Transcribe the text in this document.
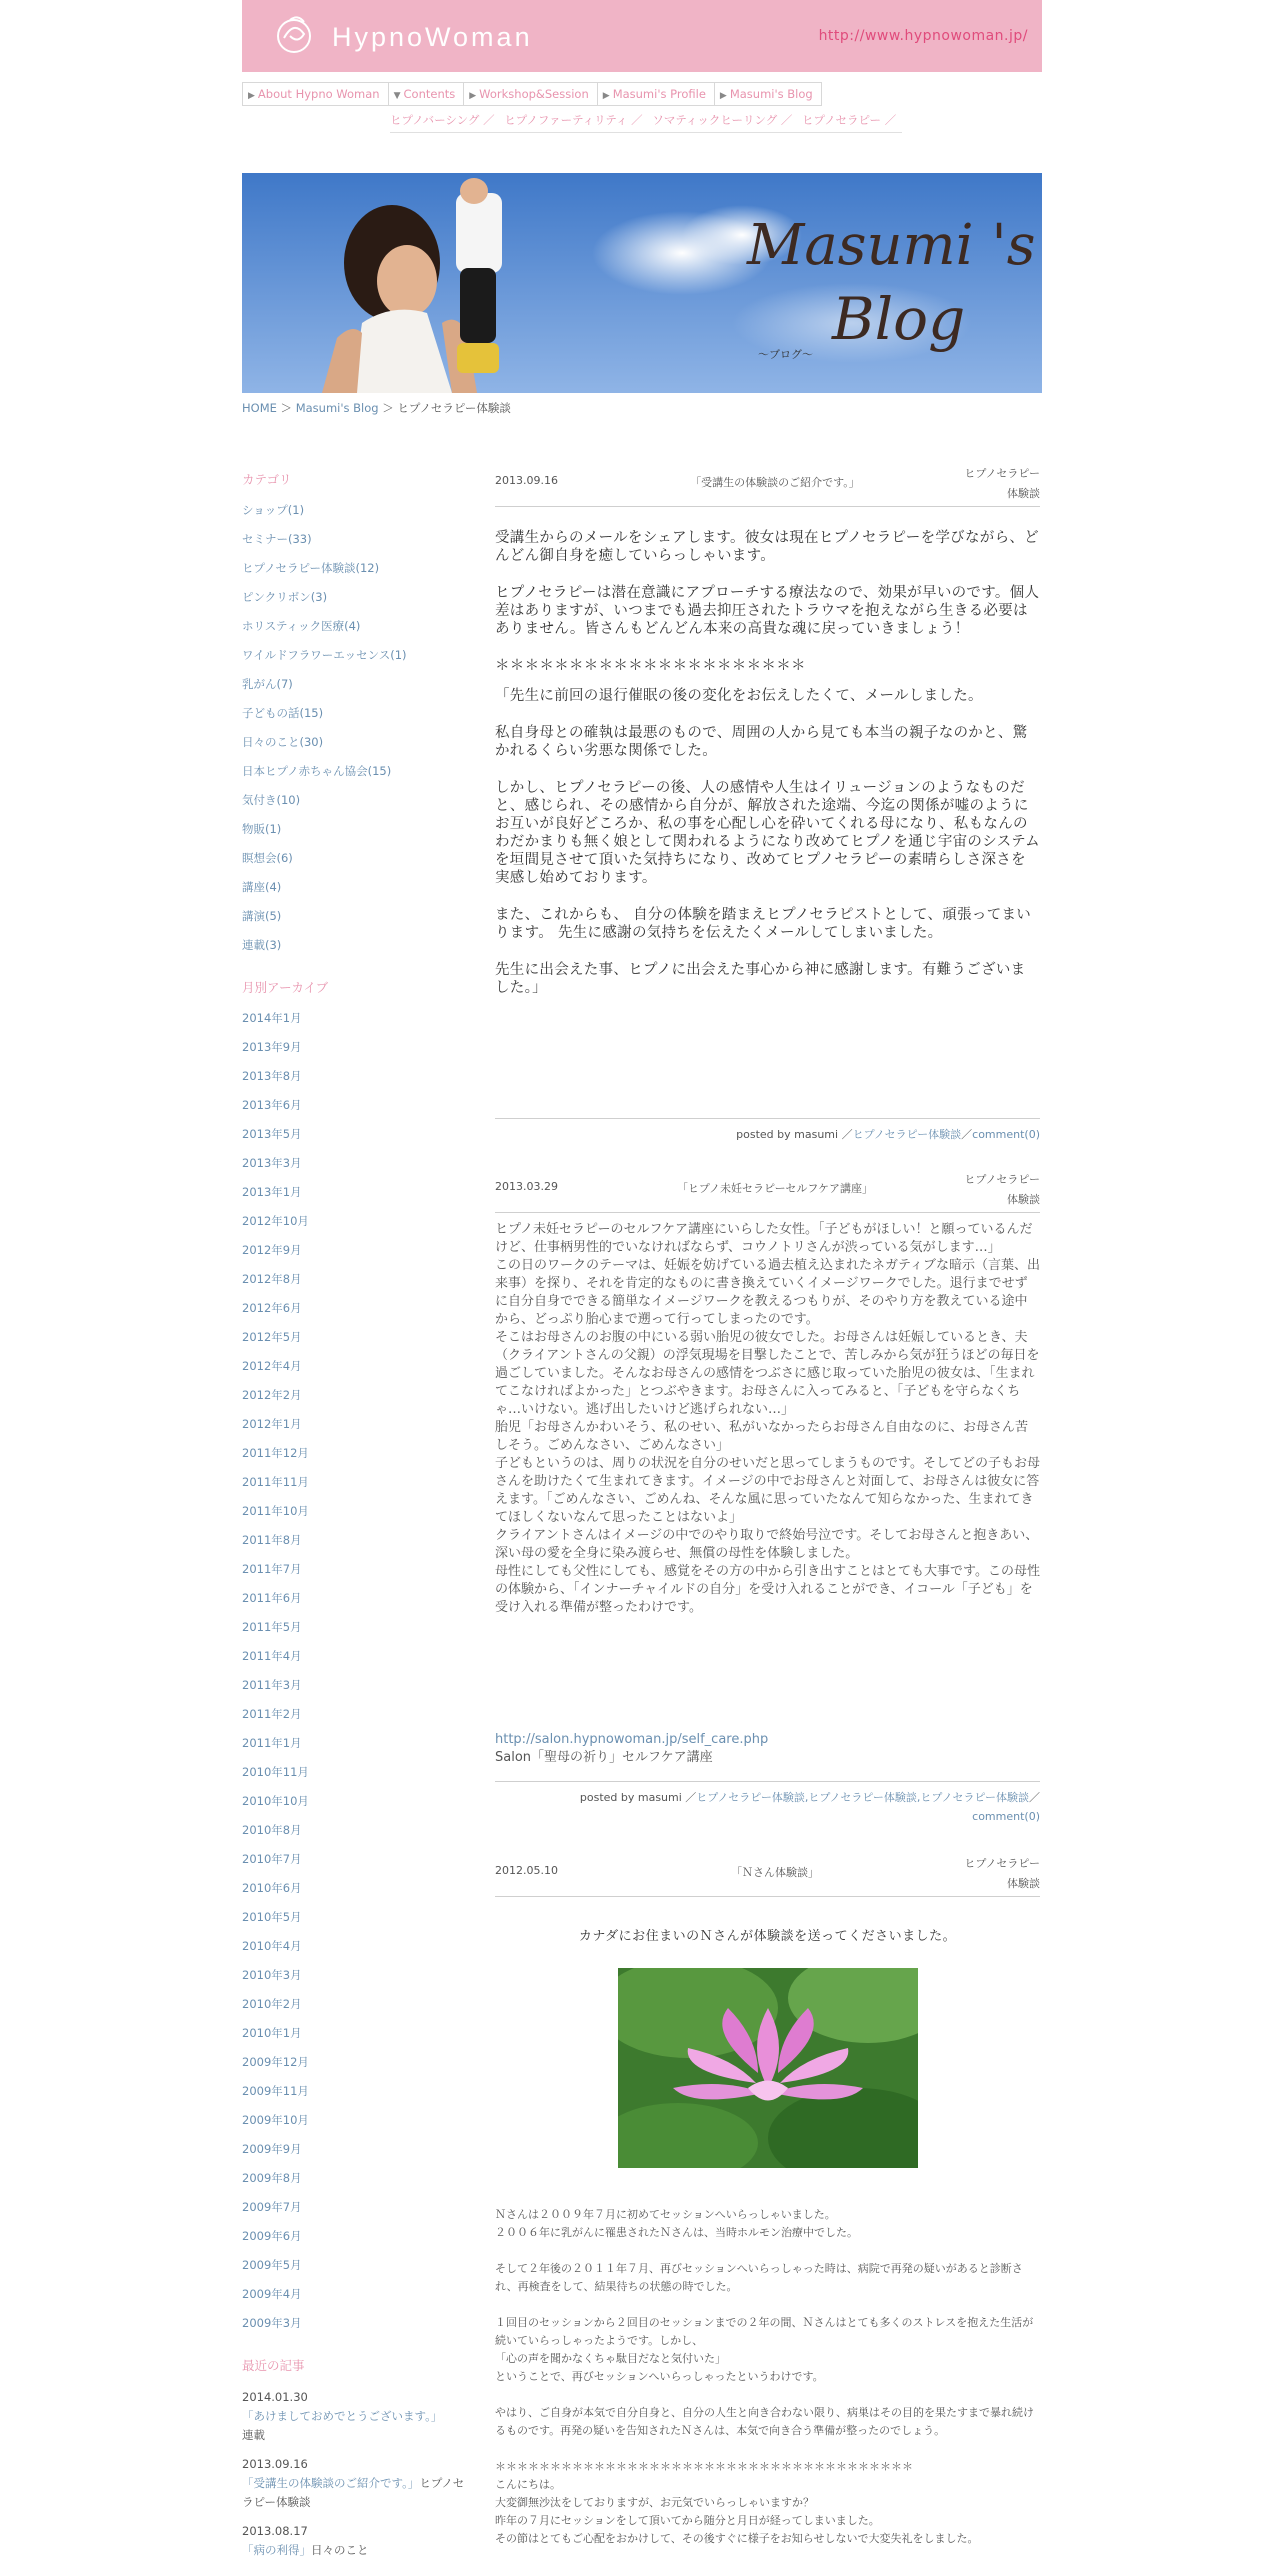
HypnoWoman	http://www.hypnowoman.jp/
▶ About Hypno Woman	▼ Contents	▶ Workshop&Session	▶ Masumi's Profile	▶ Masumi's Blog
ヒプノバーシング ／ ヒプノファーティリティ ／ ソマティックヒーリング ／ ヒプノセラピー ／
Masumi 's
Blog
～ブログ～
HOME ＞ Masumi's Blog ＞ ヒプノセラピー体験談
カテゴリ
ショップ(1)
セミナー(33)
ヒプノセラピー体験談(12)
ピンクリボン(3)
ホリスティック医療(4)
ワイルドフラワーエッセンス(1)
乳がん(7)
子どもの話(15)
日々のこと(30)
日本ヒプノ赤ちゃん協会(15)
気付き(10)
物販(1)
瞑想会(6)
講座(4)
講演(5)
連載(3)
月別アーカイブ
2014年1月
2013年9月
2013年8月
2013年6月
2013年5月
2013年3月
2013年1月
2012年10月
2012年9月
2012年8月
2012年6月
2012年5月
2012年4月
2012年2月
2012年1月
2011年12月
2011年11月
2011年10月
2011年8月
2011年7月
2011年6月
2011年5月
2011年4月
2011年3月
2011年2月
2011年1月
2010年11月
2010年10月
2010年8月
2010年7月
2010年6月
2010年5月
2010年4月
2010年3月
2010年2月
2010年1月
2009年12月
2009年11月
2009年10月
2009年9月
2009年8月
2009年7月
2009年6月
2009年5月
2009年4月
2009年3月
最近の記事
2014.01.30
「あけましておめでとうございます。」
連載
2013.09.16
「受講生の体験談のご紹介です。」ヒプノセラピー体験談
2013.08.17
「病の利得」日々のこと
2013.09.16	「受講生の体験談のご紹介です。」
ヒプノセラピー
体験談

受講生からのメールをシェアします。彼女は現在ヒプノセラピーを学びながら、どんどん御自身を癒していらっしゃいます。

ヒプノセラピーは潜在意識にアプローチする療法なので、効果が早いのです。個人差はありますが、いつまでも過去抑圧されたトラウマを抱えながら生きる必要はありません。皆さんもどんどん本来の高貴な魂に戻っていきましょう！

＊＊＊＊＊＊＊＊＊＊＊＊＊＊＊＊＊＊＊＊＊

「先生に前回の退行催眠の後の変化をお伝えしたくて、メールしました。

私自身母との確執は最悪のもので、周囲の人から見ても本当の親子なのかと、驚かれるくらい劣悪な関係でした。

しかし、ヒプノセラピーの後、人の感情や人生はイリュージョンのようなものだと、感じられ、その感情から自分が、解放された途端、今迄の関係が嘘のようにお互いが良好どころか、私の事を心配し心を砕いてくれる母になり、私もなんのわだかまりも無く娘として関われるようになり改めてヒプノを通じ宇宙のシステムを垣間見させて頂いた気持ちになり、改めてヒプノセラピーの素晴らしさ深さを実感し始めております。

また、これからも、 自分の体験を踏まえヒプノセラピストとして、頑張ってまいります。 先生に感謝の気持ちを伝えたくメールしてしまいました。

先生に出会えた事、ヒプノに出会えた事心から神に感謝します。有難うございました。」

posted by masumi ／ヒプノセラピー体験談／comment(0)
2013.03.29	「ヒプノ未妊セラピーセルフケア講座」
ヒプノセラピー
体験談

ヒプノ未妊セラピーのセルフケア講座にいらした女性。「子どもがほしい！と願っているんだけど、仕事柄男性的でいなければならず、コウノトリさんが渋っている気がします…」

この日のワークのテーマは、妊娠を妨げている過去植え込まれたネガティブな暗示（言葉、出来事）を探り、それを肯定的なものに書き換えていくイメージワークでした。退行までせずに自分自身でできる簡単なイメージワークを教えるつもりが、そのやり方を教えている途中から、どっぷり胎心まで遡って行ってしまったのです。

そこはお母さんのお腹の中にいる弱い胎児の彼女でした。お母さんは妊娠しているとき、夫（クライアントさんの父親）の浮気現場を目撃したことで、苦しみから気が狂うほどの毎日を過ごしていました。そんなお母さんの感情をつぶさに感じ取っていた胎児の彼女は、「生まれてこなければよかった」とつぶやきます。お母さんに入ってみると、「子どもを守らなくちゃ…いけない。逃げ出したいけど逃げられない…」

胎児「お母さんかわいそう、私のせい、私がいなかったらお母さん自由なのに、お母さん苦しそう。ごめんなさい、ごめんなさい」

子どもというのは、周りの状況を自分のせいだと思ってしまうものです。そしてどの子もお母さんを助けたくて生まれてきます。イメージの中でお母さんと対面して、お母さんは彼女に答えます。「ごめんなさい、ごめんね、そんな風に思っていたなんて知らなかった、生まれてきてほしくないなんて思ったことはないよ」

クライアントさんはイメージの中でのやり取りで終始号泣です。そしてお母さんと抱きあい、深い母の愛を全身に染み渡らせ、無償の母性を体験しました。

母性にしても父性にしても、感覚をその方の中から引き出すことはとても大事です。この母性の体験から、「インナーチャイルドの自分」を受け入れることができ、イコール「子ども」を受け入れる準備が整ったわけです。

http://salon.hypnowoman.jp/self_care.php
Salon「聖母の祈り」セルフケア講座
posted by masumi ／ヒプノセラピー体験談,ヒプノセラピー体験談,ヒプノセラピー体験談／
comment(0)
2012.05.10	「Ｎさん体験談」
ヒプノセラピー
体験談
カナダにお住まいのＮさんが体験談を送ってくださいました。

Ｎさんは２００９年７月に初めてセッションへいらっしゃいました。

２００６年に乳がんに罹患されたＮさんは、当時ホルモン治療中でした。

そして２年後の２０１１年７月、再びセッションへいらっしゃった時は、病院で再発の疑いがあると診断され、再検査をして、結果待ちの状態の時でした。

１回目のセッションから２回目のセッションまでの２年の間、Ｎさんはとても多くのストレスを抱えた生活が続いていらっしゃったようです。しかし、

「心の声を聞かなくちゃ駄目だなと気付いた」

ということで、再びセッションへいらっしゃったというわけです。

やはり、ご自身が本気で自分自身と、自分の人生と向き合わない限り、病巣はその目的を果たすまで暴れ続けるものです。再発の疑いを告知されたＮさんは、本気で向き合う準備が整ったのでしょう。

＊＊＊＊＊＊＊＊＊＊＊＊＊＊＊＊＊＊＊＊＊＊＊＊＊＊＊＊＊＊＊＊＊＊＊＊＊＊

こんにちは。

大変御無沙汰をしておりますが、お元気でいらっしゃいますか？

昨年の７月にセッションをして頂いてから随分と月日が経ってしまいました。

その節はとてもご心配をおかけして、その後すぐに様子をお知らせしないで大変失礼をしました。
